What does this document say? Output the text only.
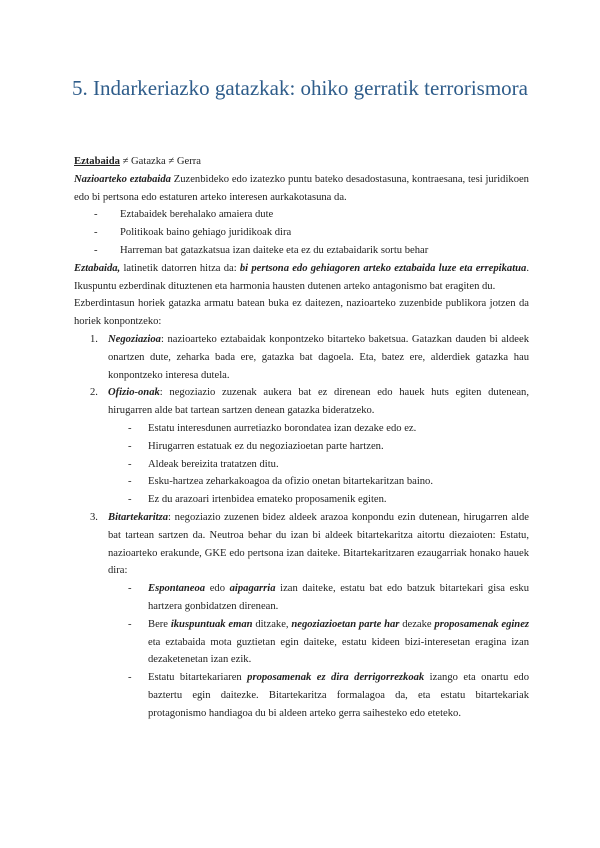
5. Indarkeriazko gatazkak: ohiko gerratik terrorismora

Eztabaida ≠ Gatazka ≠ Gerra

Nazioarteko eztabaida Zuzenbideko edo izatezko puntu bateko desadostasuna, kontraesana, tesi juridikoen edo bi pertsona edo estaturen arteko interesen aurkakotasuna da.

- Eztabaidek berehalako amaiera dute
- Politikoak baino gehiago juridikoak dira
- Harreman bat gatazkatsua izan daiteke eta ez du eztabaidarik sortu behar

Eztabaida, latinetik datorren hitza da: bi pertsona edo gehiagoren arteko eztabaida luze eta errepikatua. Ikuspuntu ezberdinak dituztenen eta harmonia hausten dutenen arteko antagonismo bat eragiten du.

Ezberdintasun horiek gatazka armatu batean buka ez daitezen, nazioarteko zuzenbide publikora jotzen da horiek konpontzeko:

1. Negoziazioa: nazioarteko eztabaidak konpontzeko bitarteko baketsua. Gatazkan dauden bi aldeek onartzen dute, zeharka bada ere, gatazka bat dagoela. Eta, batez ere, alderdiek gatazka hau konpontzeko interesa dutela.
2. Ofizio-onak: negoziazio zuzenak aukera bat ez direnean edo hauek huts egiten dutenean, hirugarren alde bat tartean sartzen denean gatazka bideratzeko.
- Estatu interesdunen aurretiazko borondatea izan dezake edo ez.
- Hirugarren estatuak ez du negoziazioetan parte hartzen.
- Aldeak bereizita tratatzen ditu.
- Esku-hartzea zeharkakoagoa da ofizio onetan bitartekaritzan baino.
- Ez du arazoari irtenbidea emateko proposamenik egiten.
3. Bitartekaritza: negoziazio zuzenen bidez aldeek arazoa konpondu ezin dutenean, hirugarren alde bat tartean sartzen da. Neutroa behar du izan bi aldeek bitartekaritza aitortu diezaioten: Estatu, nazioarteko erakunde, GKE edo pertsona izan daiteke. Bitartekaritzaren ezaugarriak honako hauek dira:
- Espontaneoa edo aipagarria izan daiteke, estatu bat edo batzuk bitartekari gisa esku hartzera gonbidatzen direnean.
- Bere ikuspuntuak eman ditzake, negoziazioetan parte har dezake proposamenak eginez eta eztabaida mota guztietan egin daiteke, estatu kideen bizi-interesetan eragina izan dezaketenetan izan ezik.
- Estatu bitartekariaren proposamenak ez dira derrigorrezkoak izango eta onartu edo baztertu egin daitezke. Bitartekaritza formalagoa da, eta estatu bitartekariak protagonismo handiagoa du bi aldeen arteko gerra saihesteko edo eteteko.
